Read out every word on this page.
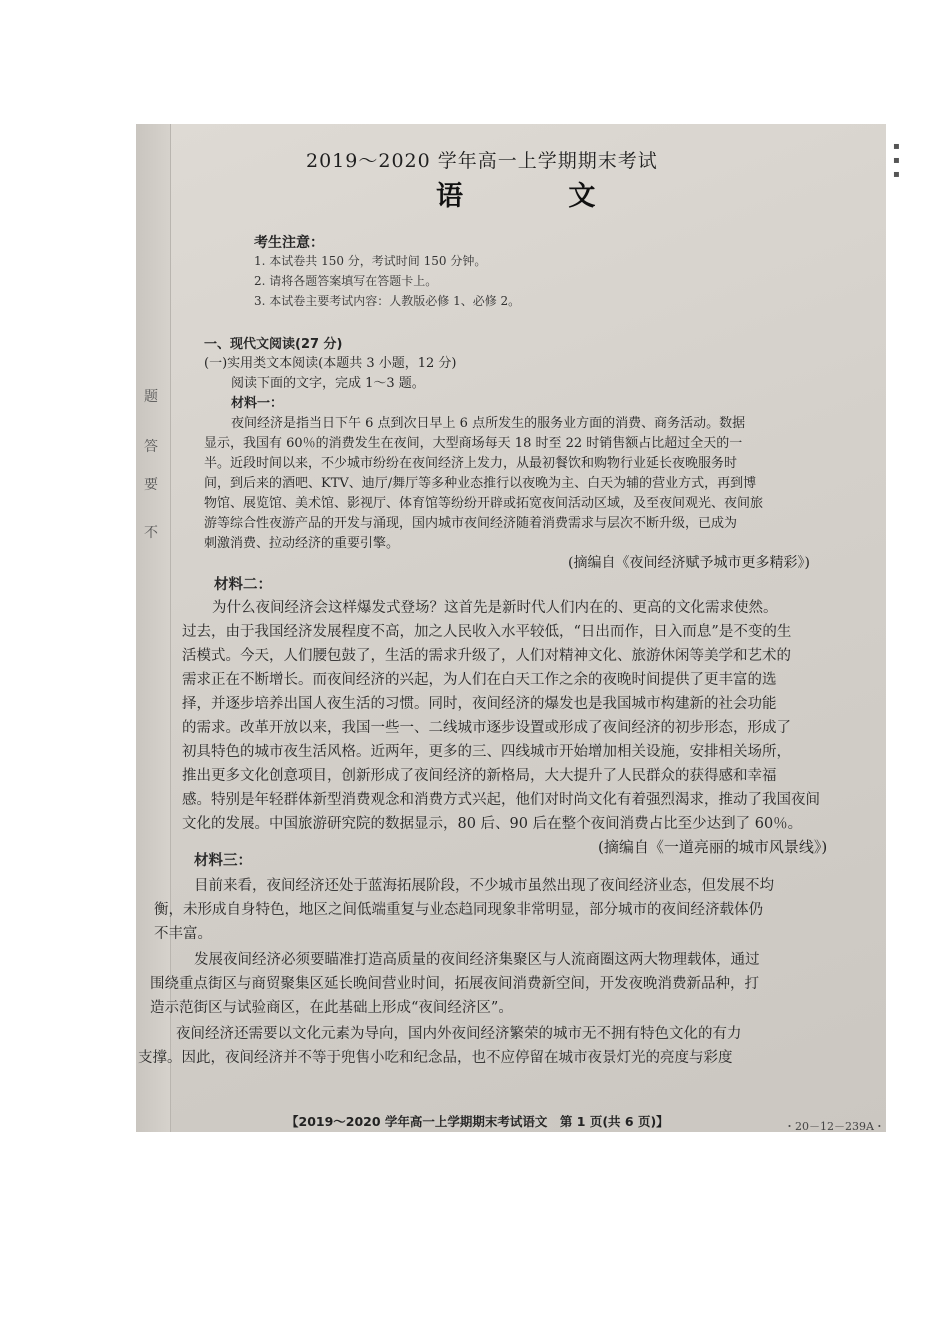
题
答
要
不
2019～2020 学年高一上学期期末考试
语 文
考生注意：
1. 本试卷共 150 分，考试时间 150 分钟。
2. 请将各题答案填写在答题卡上。
3. 本试卷主要考试内容：人教版必修 1、必修 2。
一、现代文阅读(27 分)
(一)实用类文本阅读(本题共 3 小题，12 分)
阅读下面的文字，完成 1～3 题。
材料一：
夜间经济是指当日下午 6 点到次日早上 6 点所发生的服务业方面的消费、商务活动。数据
显示，我国有 60％的消费发生在夜间，大型商场每天 18 时至 22 时销售额占比超过全天的一
半。近段时间以来，不少城市纷纷在夜间经济上发力，从最初餐饮和购物行业延长夜晚服务时
间，到后来的酒吧、KTV、迪厅/舞厅等多种业态推行以夜晚为主、白天为辅的营业方式，再到博
物馆、展览馆、美术馆、影视厅、体育馆等纷纷开辟或拓宽夜间活动区域，及至夜间观光、夜间旅
游等综合性夜游产品的开发与涌现，国内城市夜间经济随着消费需求与层次不断升级，已成为
刺激消费、拉动经济的重要引擎。
(摘编自《夜间经济赋予城市更多精彩》)
材料二：
为什么夜间经济会这样爆发式登场？这首先是新时代人们内在的、更高的文化需求使然。
过去，由于我国经济发展程度不高，加之人民收入水平较低，“日出而作，日入而息”是不变的生
活模式。今天，人们腰包鼓了，生活的需求升级了，人们对精神文化、旅游休闲等美学和艺术的
需求正在不断增长。而夜间经济的兴起，为人们在白天工作之余的夜晚时间提供了更丰富的选
择，并逐步培养出国人夜生活的习惯。同时，夜间经济的爆发也是我国城市构建新的社会功能
的需求。改革开放以来，我国一些一、二线城市逐步设置或形成了夜间经济的初步形态，形成了
初具特色的城市夜生活风格。近两年，更多的三、四线城市开始增加相关设施，安排相关场所，
推出更多文化创意项目，创新形成了夜间经济的新格局，大大提升了人民群众的获得感和幸福
感。特别是年轻群体新型消费观念和消费方式兴起，他们对时尚文化有着强烈渴求，推动了我国夜间
文化的发展。中国旅游研究院的数据显示，80 后、90 后在整个夜间消费占比至少达到了 60％。
(摘编自《一道亮丽的城市风景线》)
材料三：
目前来看，夜间经济还处于蓝海拓展阶段，不少城市虽然出现了夜间经济业态，但发展不均
衡，未形成自身特色，地区之间低端重复与业态趋同现象非常明显，部分城市的夜间经济载体仍
不丰富。
发展夜间经济必须要瞄准打造高质量的夜间经济集聚区与人流商圈这两大物理载体，通过
围绕重点街区与商贸聚集区延长晚间营业时间，拓展夜间消费新空间，开发夜晚消费新品种，打
造示范街区与试验商区，在此基础上形成“夜间经济区”。
夜间经济还需要以文化元素为导向，国内外夜间经济繁荣的城市无不拥有特色文化的有力
支撑。因此，夜间经济并不等于兜售小吃和纪念品，也不应停留在城市夜景灯光的亮度与彩度
【2019～2020 学年高一上学期期末考试语文　第 1 页(共 6 页)】	・20－12－239A・
▪
▪
▪
